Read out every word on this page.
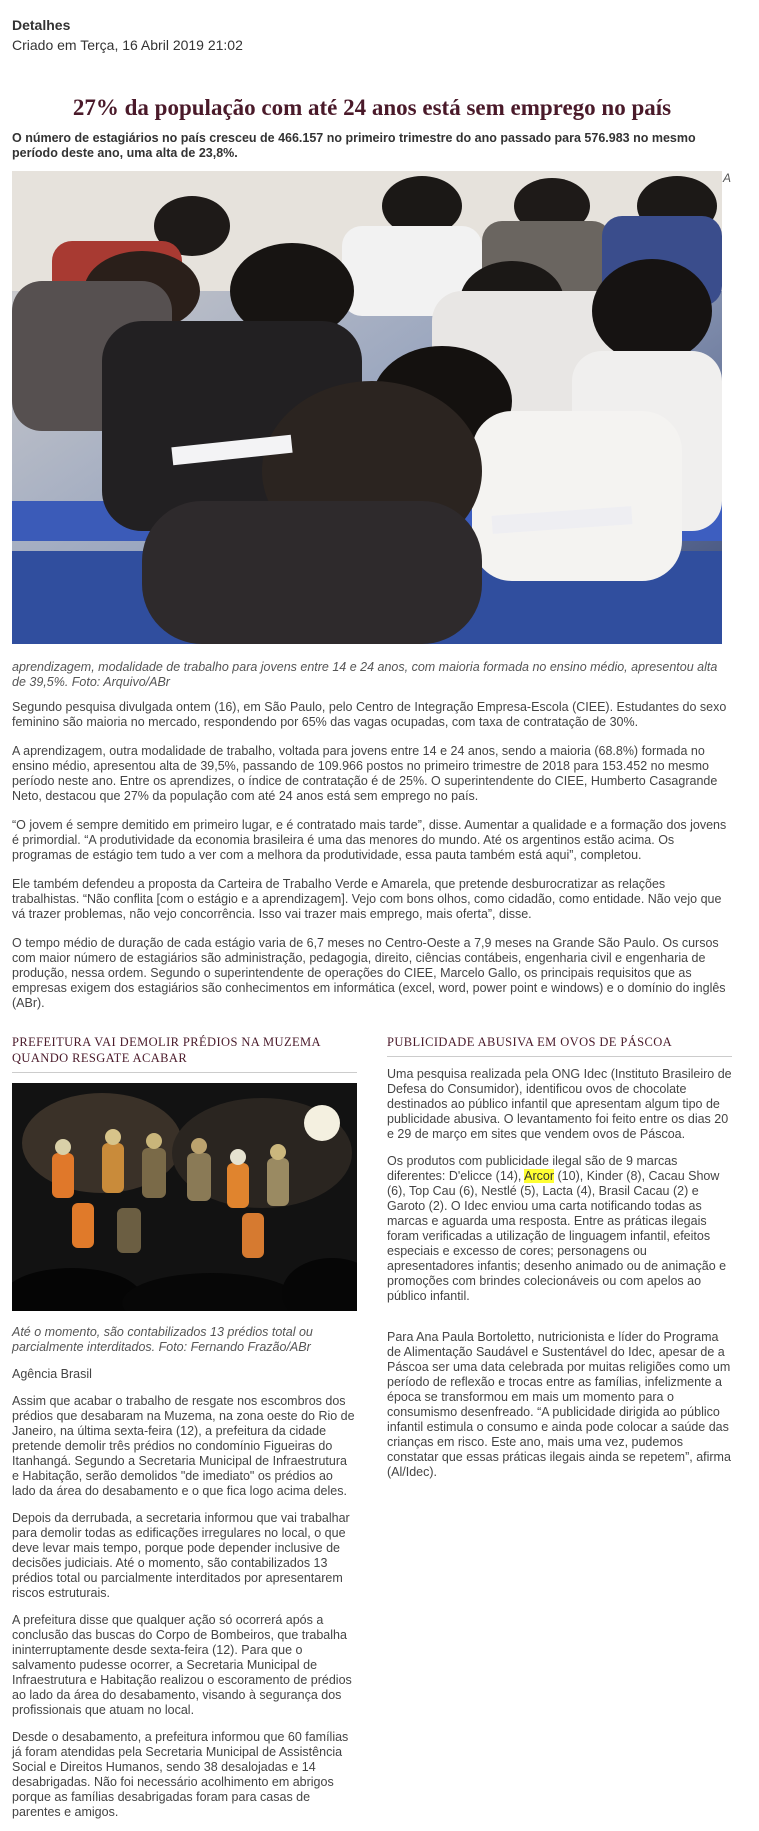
Detalhes
Criado em Terça, 16 Abril 2019 21:02
27% da população com até 24 anos está sem emprego no país
O número de estagiários no país cresceu de 466.157 no primeiro trimestre do ano passado para 576.983 no mesmo período deste ano, uma alta de 23,8%.
A
aprendizagem, modalidade de trabalho para jovens entre 14 e 24 anos, com maioria formada no ensino médio, apresentou alta de 39,5%. Foto: Arquivo/ABr

Segundo pesquisa divulgada ontem (16), em São Paulo, pelo Centro de Integração Empresa-Escola (CIEE). Estudantes do sexo feminino são maioria no mercado, respondendo por 65% das vagas ocupadas, com taxa de contratação de 30%.

A aprendizagem, outra modalidade de trabalho, voltada para jovens entre 14 e 24 anos, sendo a maioria (68.8%) formada no ensino médio, apresentou alta de 39,5%, passando de 109.966 postos no primeiro trimestre de 2018 para 153.452 no mesmo período neste ano. Entre os aprendizes, o índice de contratação é de 25%. O superintendente do CIEE, Humberto Casagrande Neto, destacou que 27% da população com até 24 anos está sem emprego no país.

“O jovem é sempre demitido em primeiro lugar, e é contratado mais tarde”, disse. Aumentar a qualidade e a formação dos jovens é primordial. “A produtividade da economia brasileira é uma das menores do mundo. Até os argentinos estão acima. Os programas de estágio tem tudo a ver com a melhora da produtividade, essa pauta também está aqui”, completou.

Ele também defendeu a proposta da Carteira de Trabalho Verde e Amarela, que pretende desburocratizar as relações trabalhistas. “Não conflita [com o estágio e a aprendizagem]. Vejo com bons olhos, como cidadão, como entidade. Não vejo que vá trazer problemas, não vejo concorrência. Isso vai trazer mais emprego, mais oferta”, disse.

O tempo médio de duração de cada estágio varia de 6,7 meses no Centro-Oeste a 7,9 meses na Grande São Paulo. Os cursos com maior número de estagiários são administração, pedagogia, direito, ciências contábeis, engenharia civil e engenharia de produção, nessa ordem. Segundo o superintendente de operações do CIEE, Marcelo Gallo, os principais requisitos que as empresas exigem dos estagiários são conhecimentos em informática (excel, word, power point e windows) e o domínio do inglês (ABr).

PREFEITURA VAI DEMOLIR PRÉDIOS NA MUZEMA QUANDO RESGATE ACABAR
Até o momento, são contabilizados 13 prédios total ou parcialmente interditados. Foto: Fernando Frazão/ABr
Agência Brasil

Assim que acabar o trabalho de resgate nos escombros dos prédios que desabaram na Muzema, na zona oeste do Rio de Janeiro, na última sexta-feira (12), a prefeitura da cidade pretende demolir três prédios no condomínio Figueiras do Itanhangá. Segundo a Secretaria Municipal de Infraestrutura e Habitação, serão demolidos "de imediato" os prédios ao lado da área do desabamento e o que fica logo acima deles.

Depois da derrubada, a secretaria informou que vai trabalhar para demolir todas as edificações irregulares no local, o que deve levar mais tempo, porque pode depender inclusive de decisões judiciais. Até o momento, são contabilizados 13 prédios total ou parcialmente interditados por apresentarem riscos estruturais.

A prefeitura disse que qualquer ação só ocorrerá após a conclusão das buscas do Corpo de Bombeiros, que trabalha ininterruptamente desde sexta-feira (12). Para que o salvamento pudesse ocorrer, a Secretaria Municipal de Infraestrutura e Habitação realizou o escoramento de prédios ao lado da área do desabamento, visando à segurança dos profissionais que atuam no local.

Desde o desabamento, a prefeitura informou que 60 famílias já foram atendidas pela Secretaria Municipal de Assistência Social e Direitos Humanos, sendo 38 desalojadas e 14 desabrigadas. Não foi necessário acolhimento em abrigos porque as famílias desabrigadas foram para casas de parentes e amigos.

PUBLICIDADE ABUSIVA EM OVOS DE PÁSCOA

Uma pesquisa realizada pela ONG Idec (Instituto Brasileiro de Defesa do Consumidor), identificou ovos de chocolate destinados ao público infantil que apresentam algum tipo de publicidade abusiva. O levantamento foi feito entre os dias 20 e 29 de março em sites que vendem ovos de Páscoa.

Os produtos com publicidade ilegal são de 9 marcas diferentes: D'elicce (14), Arcor (10), Kinder (8), Cacau Show (6), Top Cau (6), Nestlé (5), Lacta (4), Brasil Cacau (2) e Garoto (2). O Idec enviou uma carta notificando todas as marcas e aguarda uma resposta. Entre as práticas ilegais foram verificadas a utilização de linguagem infantil, efeitos especiais e excesso de cores; personagens ou apresentadores infantis; desenho animado ou de animação e promoções com brindes colecionáveis ou com apelos ao público infantil.

Para Ana Paula Bortoletto, nutricionista e líder do Programa de Alimentação Saudável e Sustentável do Idec, apesar de a Páscoa ser uma data celebrada por muitas religiões como um período de reflexão e trocas entre as famílias, infelizmente a época se transformou em mais um momento para o consumismo desenfreado. “A publicidade dirigida ao público infantil estimula o consumo e ainda pode colocar a saúde das crianças em risco. Este ano, mais uma vez, pudemos constatar que essas práticas ilegais ainda se repetem”, afirma (Al/Idec).
